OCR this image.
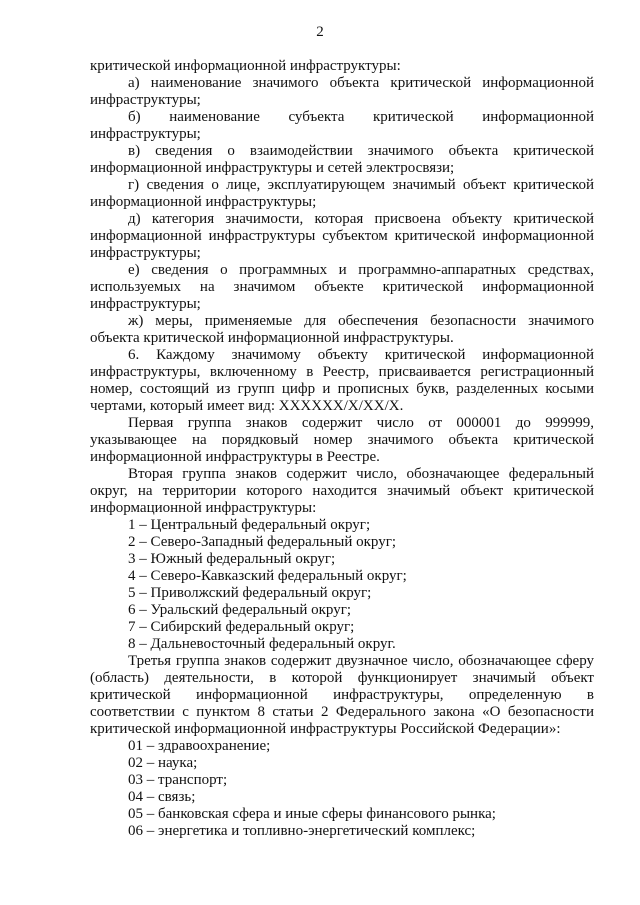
2

критической информационной инфраструктуры:

а) наименование значимого объекта критической информационной инфраструктуры;

б) наименование субъекта критической информационной инфраструктуры;

в) сведения о взаимодействии значимого объекта критической информационной инфраструктуры и сетей электросвязи;

г) сведения о лице, эксплуатирующем значимый объект критической информационной инфраструктуры;

д) категория значимости, которая присвоена объекту критической информационной инфраструктуры субъектом критической информационной инфраструктуры;

е) сведения о программных и программно-аппаратных средствах, используемых на значимом объекте критической информационной инфраструктуры;

ж) меры, применяемые для обеспечения безопасности значимого объекта критической информационной инфраструктуры.

6. Каждому значимому объекту критической информационной инфраструктуры, включенному в Реестр, присваивается регистрационный номер, состоящий из групп цифр и прописных букв, разделенных косыми чертами, который имеет вид: XXXXXX/X/XX/X.

Первая группа знаков содержит число от 000001 до 999999, указывающее на порядковый номер значимого объекта критической информационной инфраструктуры в Реестре.

Вторая группа знаков содержит число, обозначающее федеральный округ, на территории которого находится значимый объект критической информационной инфраструктуры:

1 – Центральный федеральный округ;
2 – Северо-Западный федеральный округ;
3 – Южный федеральный округ;
4 – Северо-Кавказский федеральный округ;
5 – Приволжский федеральный округ;
6 – Уральский федеральный округ;
7 – Сибирский федеральный округ;
8 – Дальневосточный федеральный округ.

Третья группа знаков содержит двузначное число, обозначающее сферу (область) деятельности, в которой функционирует значимый объект критической информационной инфраструктуры, определенную в соответствии с пунктом 8 статьи 2 Федерального закона «О безопасности критической информационной инфраструктуры Российской Федерации»:

01 – здравоохранение;
02 – наука;
03 – транспорт;
04 – связь;
05 – банковская сфера и иные сферы финансового рынка;
06 – энергетика и топливно-энергетический комплекс;
